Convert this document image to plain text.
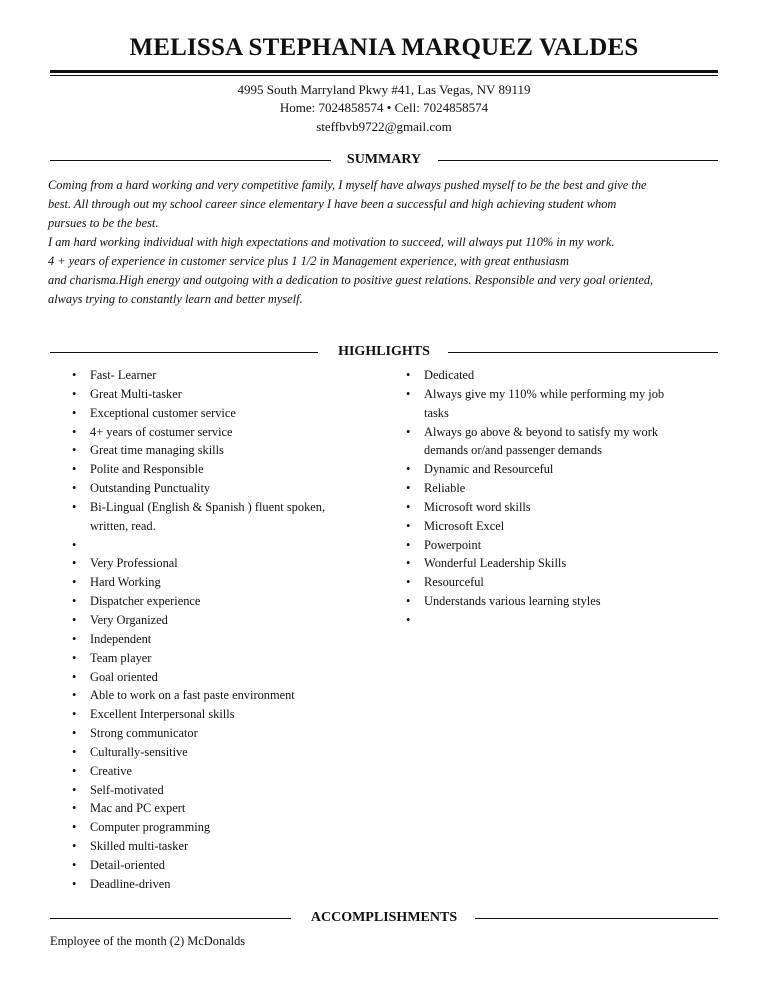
MELISSA STEPHANIA MARQUEZ VALDES
4995 South Marryland Pkwy #41, Las Vegas, NV 89119
Home: 7024858574 • Cell: 7024858574
steffbvb9722@gmail.com
SUMMARY
Coming from a hard working and very competitive family, I myself have always pushed myself to be the best and give the
best. All through out my school career since elementary I have been a successful and high achieving student whom
pursues to be the best.
I am hard working individual with high expectations and motivation to succeed, will always put 110% in my work.
4 + years of experience in customer service plus 1 1/2 in Management experience, with great enthusiasm
and charisma.High energy and outgoing with a dedication to positive guest relations. Responsible and very goal oriented,
always trying to constantly learn and better myself.
HIGHLIGHTS
• Fast- Learner
• Great Multi-tasker
• Exceptional customer service
• 4+ years of costumer service
• Great time managing skills
• Polite and Responsible
• Outstanding Punctuality
• Bi-Lingual (English & Spanish ) fluent spoken,
written, read.
•

• Very Professional
• Hard Working
• Dispatcher experience
• Very Organized
• Independent
• Team player
• Goal oriented
• Able to work on a fast paste environment
• Excellent Interpersonal skills
• Strong communicator
• Culturally-sensitive
• Creative
• Self-motivated
• Mac and PC expert
• Computer programming
• Skilled multi-tasker
• Detail-oriented
• Deadline-driven
• Dedicated
• Always give my 110% while performing my job
tasks
• Always go above & beyond to satisfy my work
demands or/and passenger demands
• Dynamic and Resourceful
• Reliable
• Microsoft word skills
• Microsoft Excel
• Powerpoint
• Wonderful Leadership Skills
• Resourceful
• Understands various learning styles
•

ACCOMPLISHMENTS
Employee of the month (2) McDonalds
